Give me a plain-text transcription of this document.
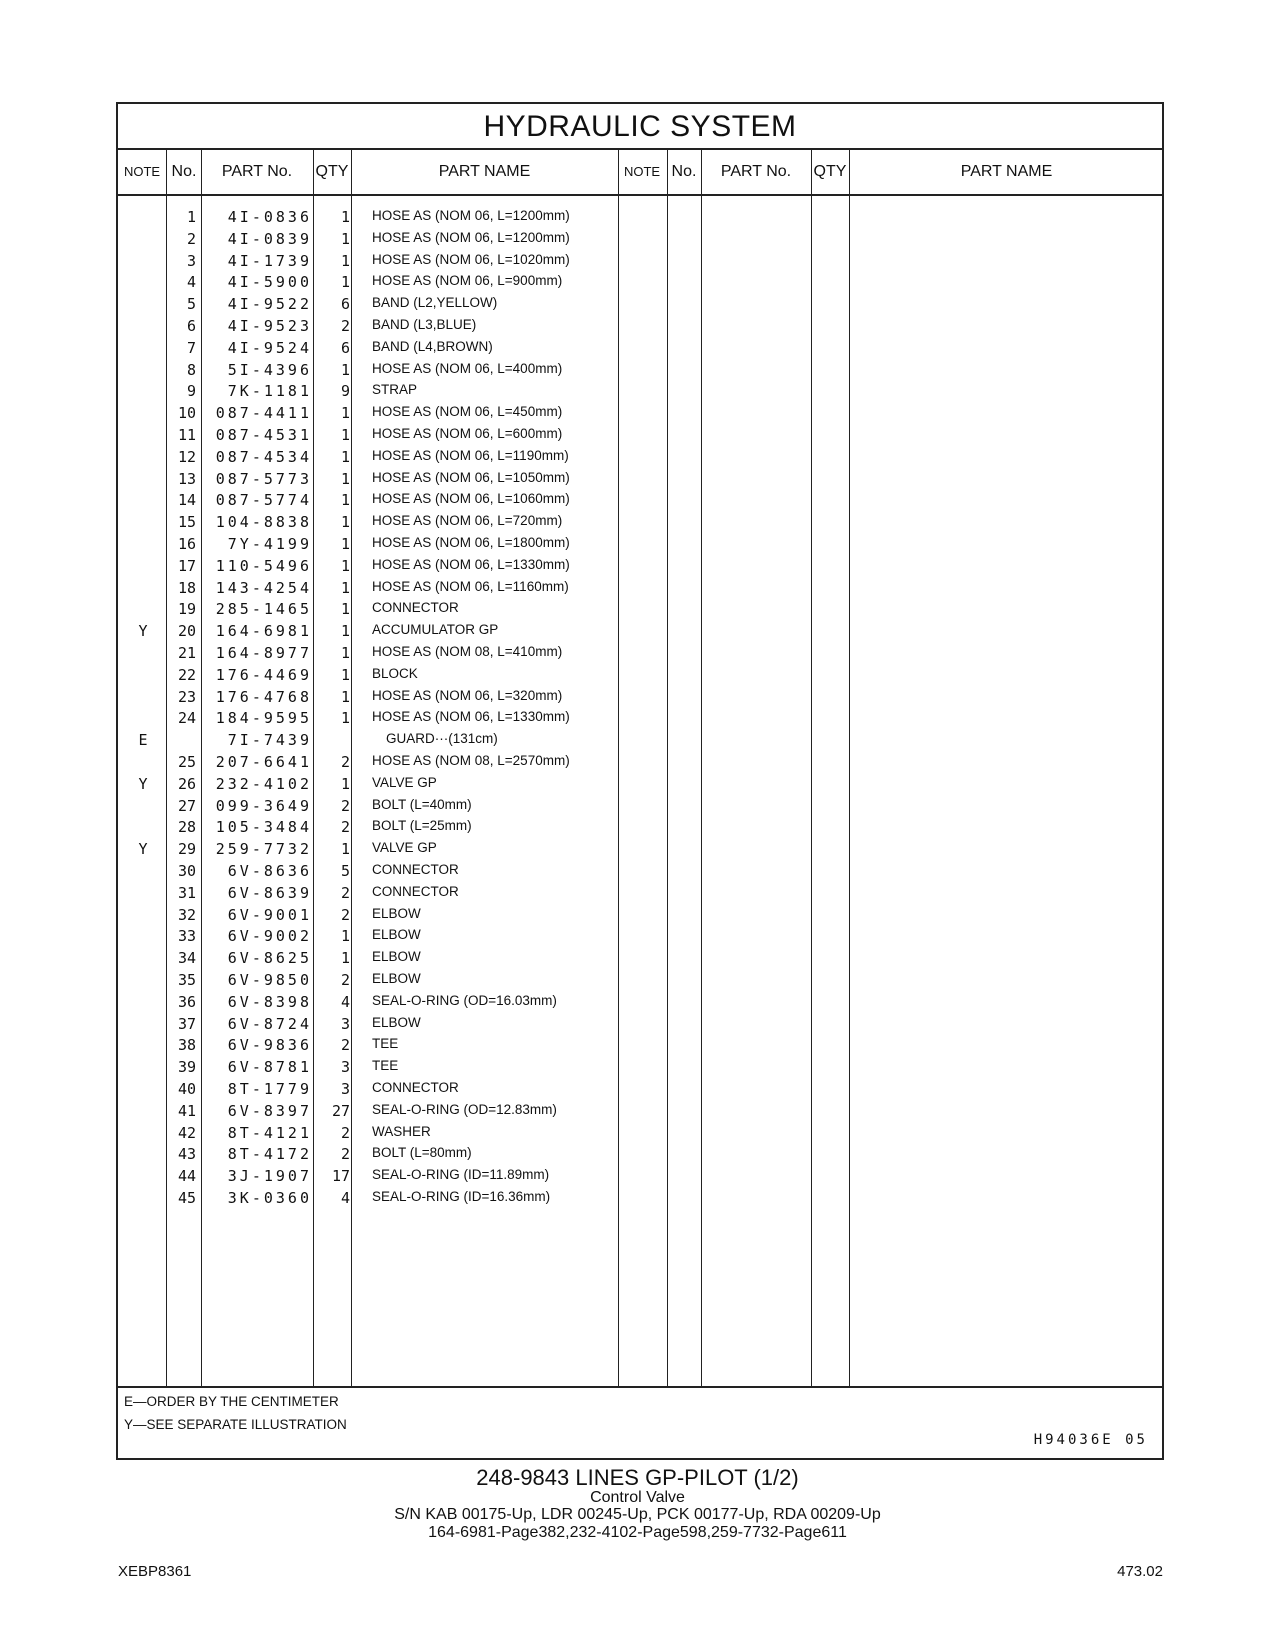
HYDRAULIC SYSTEM
NOTE No.	PART No.	QTY	PART NAME	NOTE No.	PART No.	QTY	PART NAME
1	4I-0836	1 HOSE AS (NOM 06, L=1200mm)
2	4I-0839	1 HOSE AS (NOM 06, L=1200mm)
3	4I-1739	1 HOSE AS (NOM 06, L=1020mm)
4	4I-5900	1 HOSE AS (NOM 06, L=900mm)
5	4I-9522	6 BAND (L2,YELLOW)
6	4I-9523	2 BAND (L3,BLUE)
7	4I-9524	6 BAND (L4,BROWN)
8	5I-4396	1 HOSE AS (NOM 06, L=400mm)
9	7K-1181	9 STRAP
10	087-4411	1 HOSE AS (NOM 06, L=450mm)
11	087-4531	1 HOSE AS (NOM 06, L=600mm)
12	087-4534	1 HOSE AS (NOM 06, L=1190mm)
13	087-5773	1 HOSE AS (NOM 06, L=1050mm)
14	087-5774	1 HOSE AS (NOM 06, L=1060mm)
15	104-8838	1 HOSE AS (NOM 06, L=720mm)
16	7Y-4199	1 HOSE AS (NOM 06, L=1800mm)
17	110-5496	1 HOSE AS (NOM 06, L=1330mm)
18	143-4254	1 HOSE AS (NOM 06, L=1160mm)
19	285-1465	1 CONNECTOR
Y	20	164-6981	1 ACCUMULATOR GP
21	164-8977	1 HOSE AS (NOM 08, L=410mm)
22	176-4469	1 BLOCK
23	176-4768	1 HOSE AS (NOM 06, L=320mm)
24	184-9595	1 HOSE AS (NOM 06, L=1330mm)
E	7I-7439	GUARD···(131cm)
25	207-6641	2 HOSE AS (NOM 08, L=2570mm)
Y	26	232-4102	1 VALVE GP
27	099-3649	2 BOLT (L=40mm)
28	105-3484	2 BOLT (L=25mm)
Y	29	259-7732	1 VALVE GP
30	6V-8636	5 CONNECTOR
31	6V-8639	2 CONNECTOR
32	6V-9001	2 ELBOW
33	6V-9002	1 ELBOW
34	6V-8625	1 ELBOW
35	6V-9850	2 ELBOW
36	6V-8398	4 SEAL-O-RING (OD=16.03mm)
37	6V-8724	3 ELBOW
38	6V-9836	2 TEE
39	6V-8781	3 TEE
40	8T-1779	3 CONNECTOR
41	6V-8397	27 SEAL-O-RING (OD=12.83mm)
42	8T-4121	2 WASHER
43	8T-4172	2 BOLT (L=80mm)
44	3J-1907	17 SEAL-O-RING (ID=11.89mm)
45	3K-0360	4 SEAL-O-RING (ID=16.36mm)
E—ORDER BY THE CENTIMETER
Y—SEE SEPARATE ILLUSTRATION
H94036E 05
248-9843 LINES GP-PILOT (1/2)
Control Valve
S/N KAB 00175-Up, LDR 00245-Up, PCK 00177-Up, RDA 00209-Up
164-6981-Page382,232-4102-Page598,259-7732-Page611
XEBP8361	473.02
